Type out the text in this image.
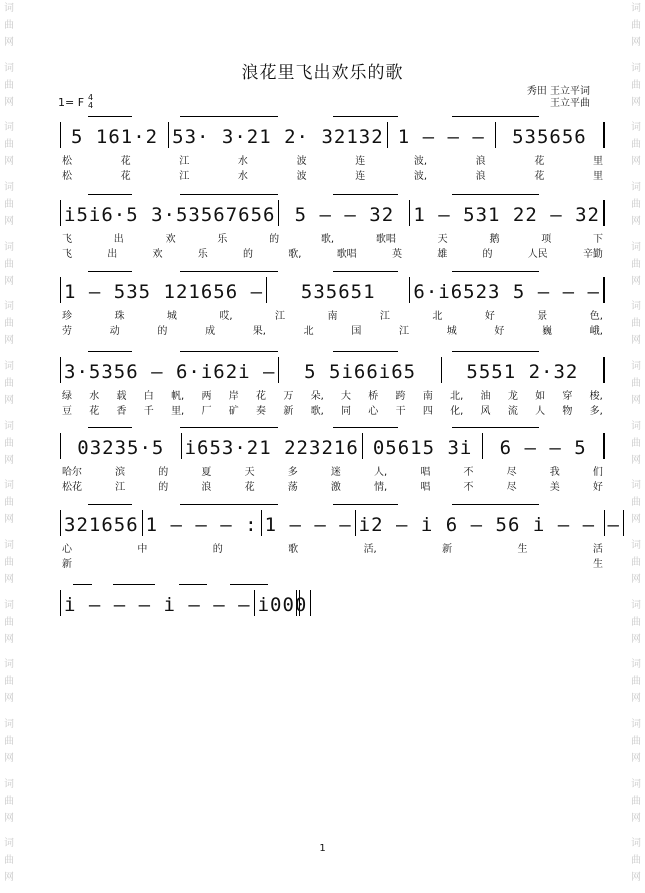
词
曲
网
词
曲
网
词
曲
网
词
曲
网
词
曲
网
词
曲
网
词
曲
网
词
曲
网
词
曲
网
词
曲
网
词
曲
网
词
曲
网
词
曲
网
词
曲
网
词
曲
网
词
曲
网
词
曲
网
词
曲
网
词
曲
网
词
曲
网
词
曲
网
词
曲
网
词
曲
网
词
曲
网
词
曲
网
词
曲
网
词
曲
网
词
曲
网
词
曲
网
词
曲
网
浪花里飞出欢乐的歌
秀田 王立平词
王立平曲
1= F 4
4
5 161·2 53· 3·21 2· 32132 1 – – –	535656
松	花	江	水	波	连	波,	浪	花	里
松	花	江	水	波	连	波,	浪	花	里
i5i6·5 3·53567656	5 – – 32	1 – 531 22 – 32
飞	出	欢	乐	的	歌,	歌唱	天	鹅	项	下
飞	出	欢	乐	的	歌,	歌唱	英	雄	的	人民	辛勤
1 – 535 121656 –	535651	6·i6523 5 – – –
珍	珠	城	哎,	江	南	江	北	好	景	色,
劳	动	的	成	果,	北	国	江	城	好	巍	峨,
3·5356 – 6·i62i –	5 5i66i65	5551 2·32
绿 水 载 白 帆, 两 岸 花 万 朵, 大 桥 跨 南 北, 油 龙 如 穿 梭,
豆 花 香 千 里, 厂 矿 奏 新 歌, 同 心 干 四 化, 风 流 人 物 多,
03235·5	i653·21 223216 05615 3i	6 – – 5
哈尔	滨	的	夏	天	多	迷	人,	唱	不	尽	我	们
松花	江	的	浪	花	荡	激	情,	唱	不	尽	美	好
321656 1 – – – : 1 – – – i2 – i 6 – 56 i – – –
心	中	的	歌	活,	新	生	活
新	生
i – – – i – – – i000
1
